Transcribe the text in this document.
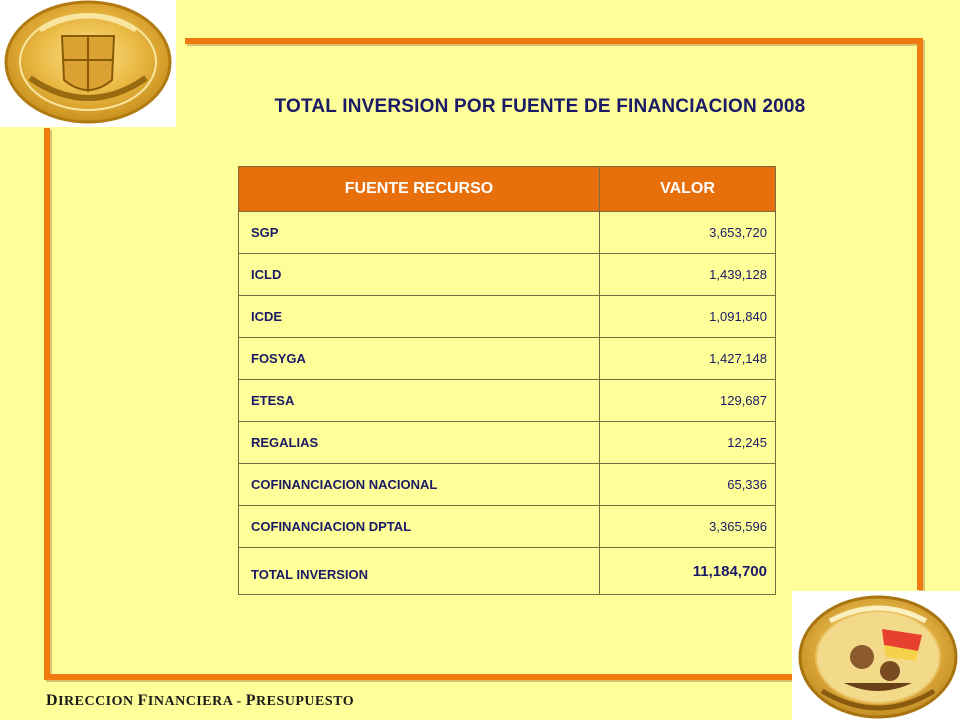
TOTAL INVERSION POR FUENTE DE FINANCIACION 2008
FUENTE RECURSO	VALOR
SGP	3,653,720
ICLD	1,439,128
ICDE	1,091,840
FOSYGA	1,427,148
ETESA	129,687
REGALIAS	12,245
COFINANCIACION NACIONAL	65,336
COFINANCIACION DPTAL	3,365,596
TOTAL INVERSION	11,184,700
DIRECCION FINANCIERA - PRESUPUESTO
